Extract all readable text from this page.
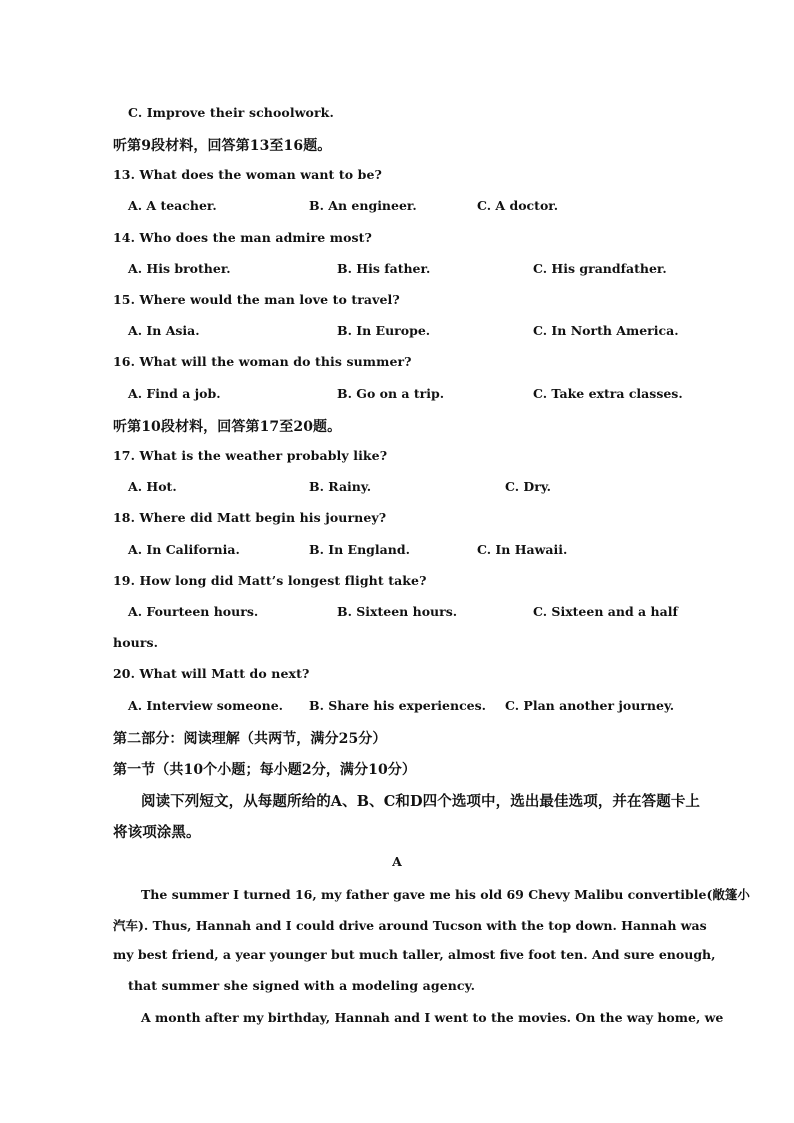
C. Improve their schoolwork.
听第9段材料，回答第13至16题。
13. What does the woman want to be?
A. A teacher.	B. An engineer.	C. A doctor.
14. Who does the man admire most?
A. His brother.	B. His father.	C. His grandfather.
15. Where would the man love to travel?
A. In Asia.	B. In Europe.	C. In North America.
16. What will the woman do this summer?
A. Find a job.	B. Go on a trip.	C. Take extra classes.
听第10段材料，回答第17至20题。
17. What is the weather probably like?
A. Hot.	B. Rainy.	C. Dry.
18. Where did Matt begin his journey?
A. In California.	B. In England.	C. In Hawaii.
19. How long did Matt’s longest flight take?
A. Fourteen hours.	B. Sixteen hours.	C. Sixteen and a half
hours.
20. What will Matt do next?
A. Interview someone. B. Share his experiences. C. Plan another journey.
第二部分：阅读理解（共两节，满分25分）
第一节（共10个小题；每小题2分，满分10分）
阅读下列短文，从每题所给的A、B、C和D四个选项中，选出最佳选项，并在答题卡上
将该项涂黑。
A
The summer I turned 16, my father gave me his old 69 Chevy Malibu convertible(敞篷小
汽车). Thus, Hannah and I could drive around Tucson with the top down. Hannah was
my best friend, a year younger but much taller, almost five foot ten. And sure enough,
that summer she signed with a modeling agency.
A month after my birthday, Hannah and I went to the movies. On the way home, we
